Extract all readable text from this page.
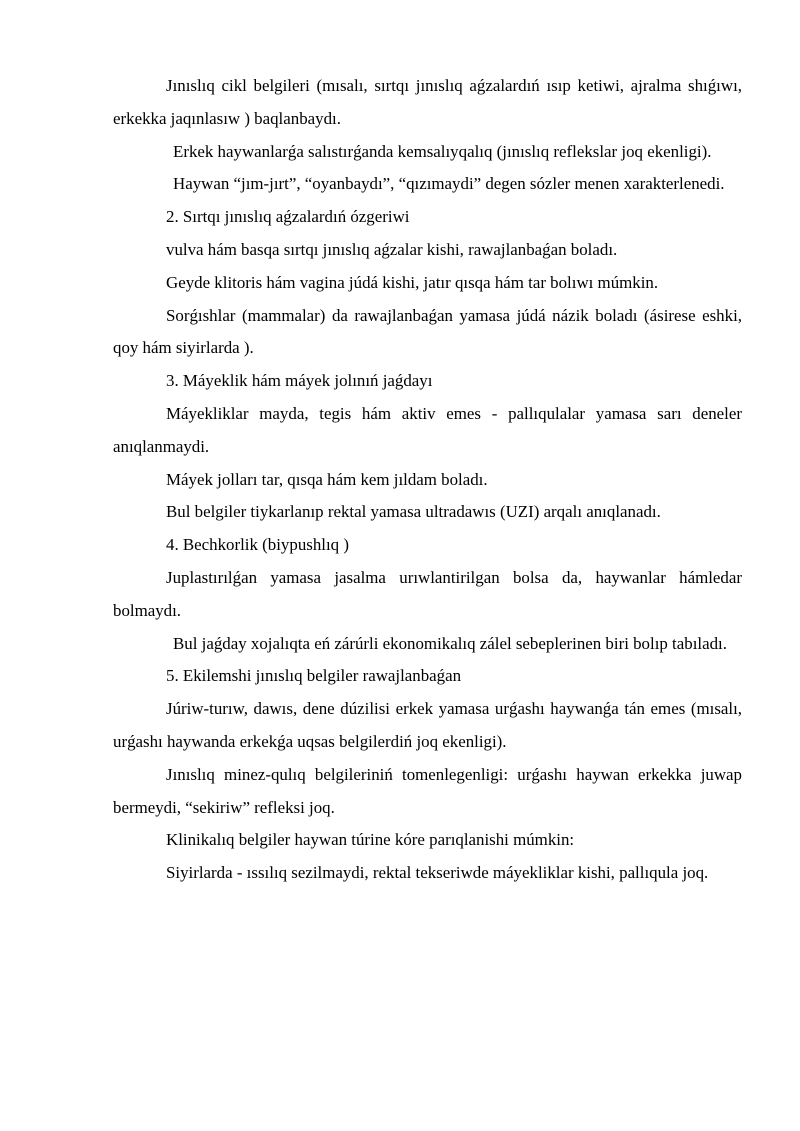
Jınıslıq cikl belgileri (mısalı, sırtqı jınıslıq aǵzalardıń ısıp ketiwi, ajralma shıǵıwı, erkekka jaqınlasıw ) baqlanbaydı.

Erkek haywanlarǵa salıstırǵanda kemsalıyqalıq (jınıslıq reflekslar joq ekenligi).

Haywan “jım-jırt”, “oyanbaydı”, “qızımaydi” degen sózler menen xarakterlenedi.

2. Sırtqı jınıslıq aǵzalardıń ózgeriwi

vulva hám basqa sırtqı jınıslıq aǵzalar kishi, rawajlanbaǵan boladı.

Geyde klitoris hám vagina júdá kishi, jatır qısqa hám tar bolıwı múmkin.

Sorǵıshlar (mammalar) da rawajlanbaǵan yamasa júdá názik boladı (ásirese eshki, qoy hám siyirlarda ).

3. Máyeklik hám máyek jolınıń jaǵdayı

Máyekliklar mayda, tegis hám aktiv emes - pallıqulalar yamasa sarı deneler anıqlanmaydi.

Máyek jolları tar, qısqa hám kem jıldam boladı.

Bul belgiler tiykarlanıp rektal yamasa ultradawıs (UZI) arqalı anıqlanadı.

4. Bechkorlik (biypushlıq )

Juplastırılǵan yamasa jasalma urıwlantirilgan bolsa da, haywanlar hámledar bolmaydı.

Bul jaǵday xojalıqta eń zárúrli ekonomikalıq zálel sebeplerinen biri bolıp tabıladı.

5. Ekilemshi jınıslıq belgiler rawajlanbaǵan

Júriw-turıw, dawıs, dene dúzilisi erkek yamasa urǵashı haywanǵa tán emes (mısalı, urǵashı haywanda erkekǵa uqsas belgilerdiń joq ekenligi).

Jınıslıq minez-qulıq belgileriniń tomenlegenligi: urǵashı haywan erkekka juwap bermeydi, “sekiriw” refleksi joq.

Klinikalıq belgiler haywan túrine kóre parıqlanishi múmkin:

Siyirlarda - ıssılıq sezilmaydi, rektal tekseriwde máyekliklar kishi, pallıqula joq.
